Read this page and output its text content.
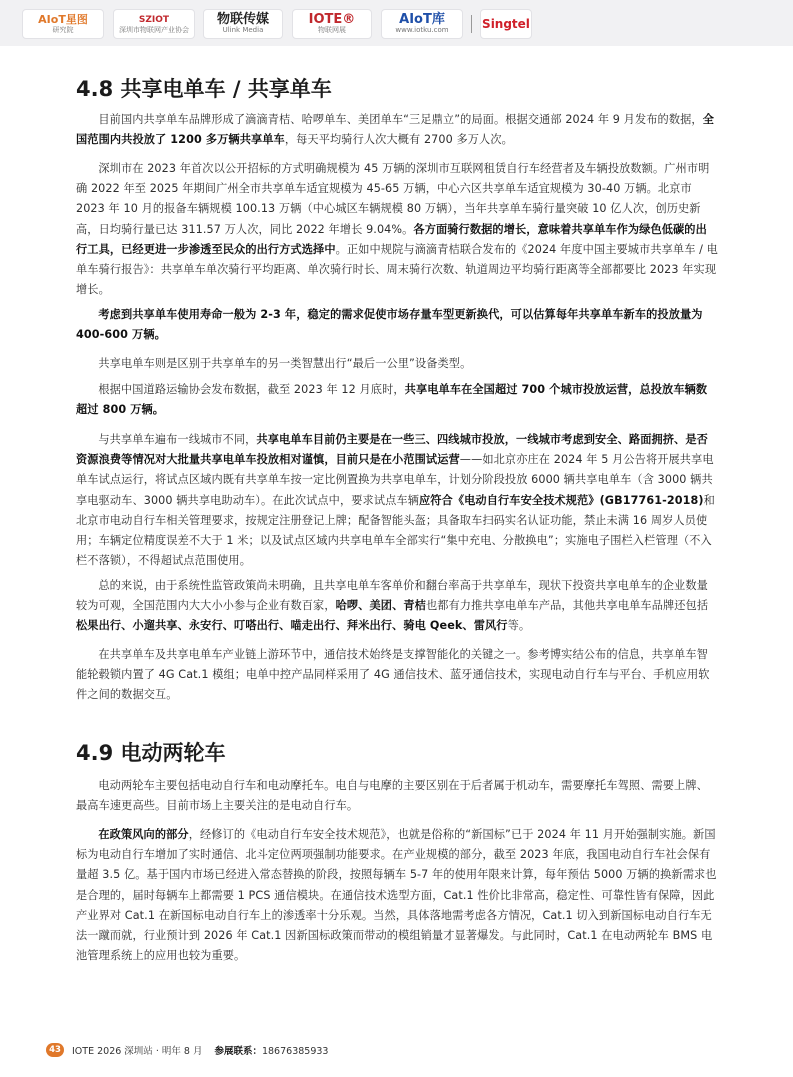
AIoT星图
研究院
SZIOT
深圳市物联网产业协会
物联传媒
Ulink Media
IOTE®
物联网展
AIoT库
www.iotku.com	Singtel
4.8 共享电单车 / 共享单车

目前国内共享单车品牌形成了滴滴青桔、哈啰单车、美团单车“三足鼎立”的局面。根据交通部 2024 年 9 月发布的数据，全国范围内共投放了 1200 多万辆共享单车，每天平均骑行人次大概有 2700 多万人次。

深圳市在 2023 年首次以公开招标的方式明确规模为 45 万辆的深圳市互联网租赁自行车经营者及车辆投放数额。广州市明确 2022 年至 2025 年期间广州全市共享单车适宜规模为 45-65 万辆，中心六区共享单车适宜规模为 30-40 万辆。北京市 2023 年 10 月的报备车辆规模 100.13 万辆（中心城区车辆规模 80 万辆），当年共享单车骑行量突破 10 亿人次，创历史新高，日均骑行量已达 311.57 万人次，同比 2022 年增长 9.04%。各方面骑行数据的增长，意味着共享单车作为绿色低碳的出行工具，已经更进一步渗透至民众的出行方式选择中。正如中规院与滴滴青桔联合发布的《2024 年度中国主要城市共享单车 / 电单车骑行报告》：共享单车单次骑行平均距离、单次骑行时长、周末骑行次数、轨道周边平均骑行距离等全部都要比 2023 年实现增长。

考虑到共享单车使用寿命一般为 2-3 年，稳定的需求促使市场存量车型更新换代，可以估算每年共享单车新车的投放量为 400-600 万辆。

共享电单车则是区别于共享单车的另一类智慧出行“最后一公里”设备类型。

根据中国道路运输协会发布数据，截至 2023 年 12 月底时，共享电单车在全国超过 700 个城市投放运营，总投放车辆数超过 800 万辆。

与共享单车遍布一线城市不同，共享电单车目前仍主要是在一些三、四线城市投放，一线城市考虑到安全、路面拥挤、是否资源浪费等情况对大批量共享电单车投放相对谨慎，目前只是在小范围试运营——如北京亦庄在 2024 年 5 月公告将开展共享电单车试点运行，将试点区域内既有共享单车按一定比例置换为共享电单车，计划分阶段投放 6000 辆共享电单车（含 3000 辆共享电驱动车、3000 辆共享电助动车）。在此次试点中，要求试点车辆应符合《电动自行车安全技术规范》(GB17761-2018)和北京市电动自行车相关管理要求，按规定注册登记上牌；配备智能头盔；具备取车扫码实名认证功能，禁止未满 16 周岁人员使用；车辆定位精度误差不大于 1 米；以及试点区域内共享电单车全部实行“集中充电、分散换电”；实施电子围栏入栏管理（不入栏不落锁），不得超试点范围使用。

总的来说，由于系统性监管政策尚未明确，且共享电单车客单价和翻台率高于共享单车，现状下投资共享电单车的企业数量较为可观，全国范围内大大小小参与企业有数百家，哈啰、美团、青桔也都有力推共享电单车产品，其他共享电单车品牌还包括松果出行、小遛共享、永安行、叮嗒出行、喵走出行、拜米出行、骑电 Qeek、雷风行等。

在共享单车及共享电单车产业链上游环节中，通信技术始终是支撑智能化的关键之一。参考博实结公布的信息，共享单车智能轮毂锁内置了 4G Cat.1 模组；电单中控产品同样采用了 4G 通信技术、蓝牙通信技术，实现电动自行车与平台、手机应用软件之间的数据交互。

4.9 电动两轮车

电动两轮车主要包括电动自行车和电动摩托车。电自与电摩的主要区别在于后者属于机动车，需要摩托车驾照、需要上牌、最高车速更高些。目前市场上主要关注的是电动自行车。

在政策风向的部分，经修订的《电动自行车安全技术规范》，也就是俗称的“新国标”已于 2024 年 11 月开始强制实施。新国标为电动自行车增加了实时通信、北斗定位两项强制功能要求。在产业规模的部分，截至 2023 年底，我国电动自行车社会保有量超 3.5 亿。基于国内市场已经进入常态替换的阶段，按照每辆车 5-7 年的使用年限来计算，每年预估 5000 万辆的换新需求也是合理的，届时每辆车上都需要 1 PCS 通信模块。在通信技术选型方面，Cat.1 性价比非常高，稳定性、可靠性皆有保障，因此产业界对 Cat.1 在新国标电动自行车上的渗透率十分乐观。当然，具体落地需考虑各方情况，Cat.1 切入到新国标电动自行车无法一蹴而就，行业预计到 2026 年 Cat.1 因新国标政策而带动的模组销量才显著爆发。与此同时，Cat.1 在电动两轮车 BMS 电池管理系统上的应用也较为重要。

43	IOTE 2026 深圳站 · 明年 8 月 参展联系：18676385933
